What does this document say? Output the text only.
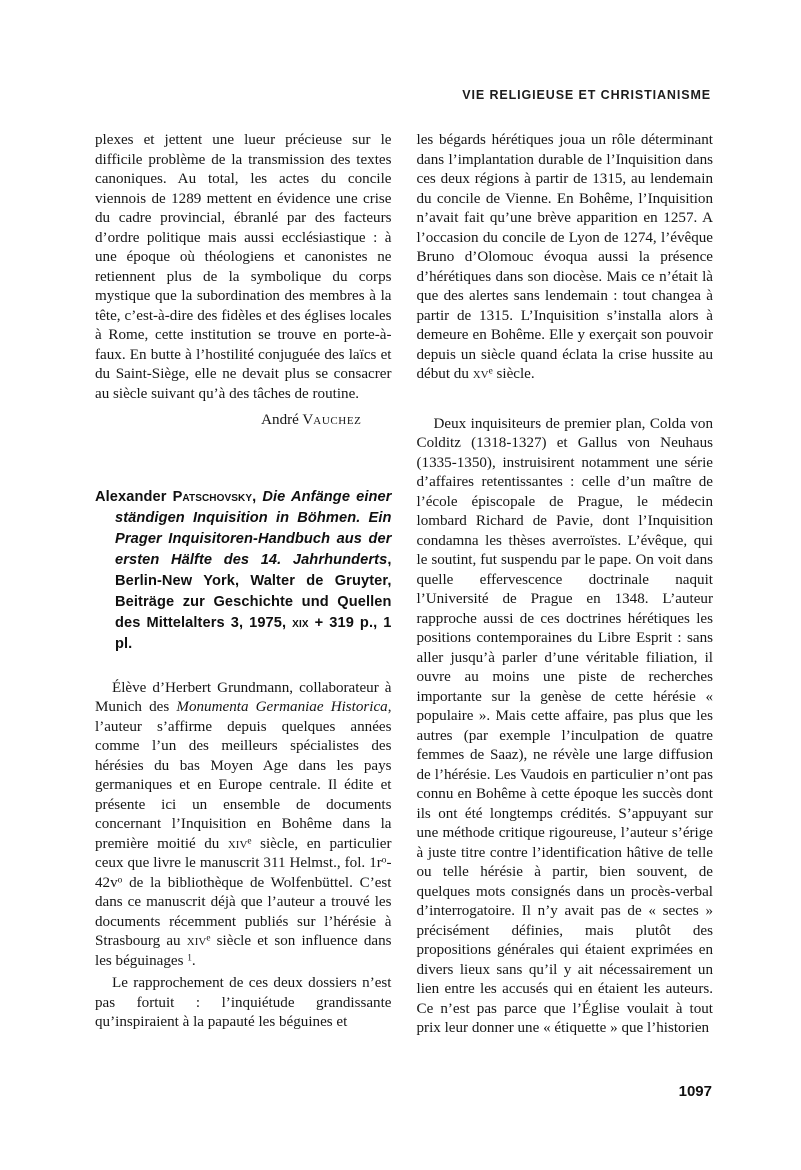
VIE RELIGIEUSE ET CHRISTIANISME

plexes et jettent une lueur précieuse sur le difficile problème de la transmission des textes canoniques. Au total, les actes du concile viennois de 1289 mettent en évidence une crise du cadre provincial, ébranlé par des facteurs d’ordre politique mais aussi ecclésiastique : à une époque où théologiens et canonistes ne retiennent plus de la symbolique du corps mystique que la subordination des membres à la tête, c’est-à-dire des fidèles et des églises locales à Rome, cette institution se trouve en porte-à-faux. En butte à l’hostilité conjuguée des laïcs et du Saint-Siège, elle ne devait plus se consacrer au siècle suivant qu’à des tâches de routine.

André Vauchez

Alexander Patschovsky, Die Anfänge einer ständigen Inquisition in Böhmen. Ein Prager Inquisitoren-Handbuch aus der ersten Hälfte des 14. Jahrhunderts, Berlin-New York, Walter de Gruyter, Beiträge zur Geschichte und Quellen des Mittelalters 3, 1975, xix + 319 p., 1 pl.

Élève d’Herbert Grundmann, collaborateur à Munich des Monumenta Germaniae Historica, l’auteur s’affirme depuis quelques années comme l’un des meilleurs spécialistes des hérésies du bas Moyen Age dans les pays germaniques et en Europe centrale. Il édite et présente ici un ensemble de documents concernant l’Inquisition en Bohême dans la première moitié du xiv$^e$ siècle, en particulier ceux que livre le manuscrit 311 Helmst., fol. $1r^o-42v^o$ de la bibliothèque de Wolfenbüttel. C’est dans ce manuscrit déjà que l’auteur a trouvé les documents récemment publiés sur l’hérésie à Strasbourg au xiv$^e$ siècle et son influence dans les béguinages $^1$.

Le rapprochement de ces deux dossiers n’est pas fortuit : l’inquiétude grandissante qu’inspiraient à la papauté les béguines et

les bégards hérétiques joua un rôle déterminant dans l’implantation durable de l’Inquisition dans ces deux régions à partir de 1315, au lendemain du concile de Vienne. En Bohême, l’Inquisition n’avait fait qu’une brève apparition en 1257. A l’occasion du concile de Lyon de 1274, l’évêque Bruno d’Olomouc évoqua aussi la présence d’hérétiques dans son diocèse. Mais ce n’était là que des alertes sans lendemain : tout changea à partir de 1315. L’Inquisition s’installa alors à demeure en Bohême. Elle y exerçait son pouvoir depuis un siècle quand éclata la crise hussite au début du $xv^e$ siècle.

Deux inquisiteurs de premier plan, Colda von Colditz (1318-1327) et Gallus von Neuhaus (1335-1350), instruisirent notamment une série d’affaires retentissantes : celle d’un maître de l’école épiscopale de Prague, le médecin lombard Richard de Pavie, dont l’Inquisition condamna les thèses averroïstes. L’évêque, qui le soutint, fut suspendu par le pape. On voit dans quelle effervescence doctrinale naquit l’Université de Prague en 1348. L’auteur rapproche aussi de ces doctrines hérétiques les positions contemporaines du Libre Esprit : sans aller jusqu’à parler d’une véritable filiation, il ouvre au moins une piste de recherches importante sur la genèse de cette hérésie « populaire ». Mais cette affaire, pas plus que les autres (par exemple l’inculpation de quatre femmes de Saaz), ne révèle une large diffusion de l’hérésie. Les Vaudois en particulier n’ont pas connu en Bohême à cette époque les succès dont ils ont été longtemps crédités. S’appuyant sur une méthode critique rigoureuse, l’auteur s’érige à juste titre contre l’identification hâtive de telle ou telle hérésie à partir, bien souvent, de quelques mots consignés dans un procès-verbal d’interrogatoire. Il n’y avait pas de « sectes » précisément définies, mais plutôt des propositions générales qui étaient exprimées en divers lieux sans qu’il y ait nécessairement un lien entre les accusés qui en étaient les auteurs. Ce n’est pas parce que l’Église voulait à tout prix leur donner une « étiquette » que l’historien

1097
